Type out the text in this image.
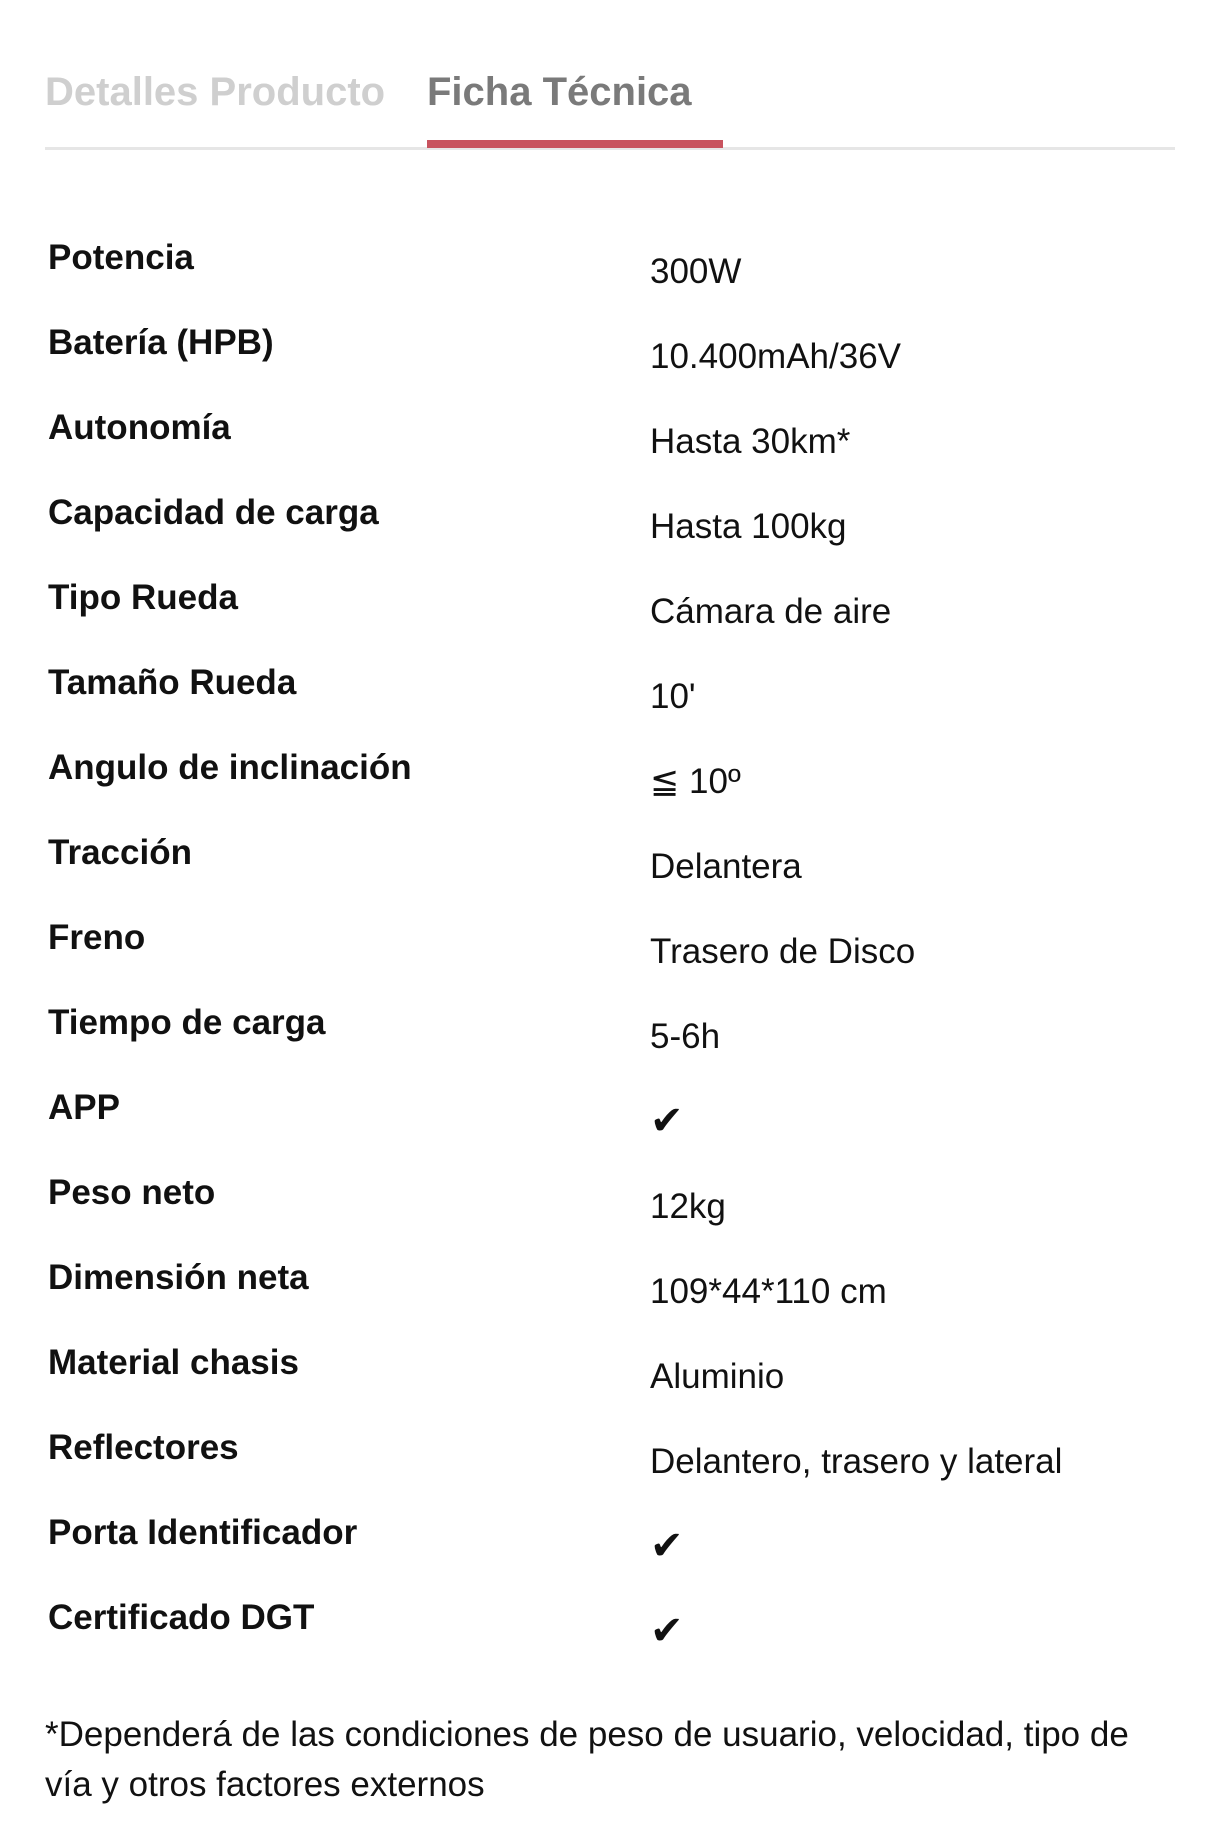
Detalles Producto Ficha Técnica
Potencia	300W
Batería (HPB)	10.400mAh/36V
Autonomía	Hasta 30km*
Capacidad de carga	Hasta 100kg
Tipo Rueda	Cámara de aire
Tamaño Rueda	10'
Angulo de inclinación	≦ 10º
Tracción	Delantera
Freno	Trasero de Disco
Tiempo de carga	5-6h
APP	✔
Peso neto	12kg
Dimensión neta	109*44*110 cm
Material chasis	Aluminio
Reflectores	Delantero, trasero y lateral
Porta Identificador	✔
Certificado DGT	✔
*Dependerá de las condiciones de peso de usuario, velocidad, tipo de vía y otros factores externos
